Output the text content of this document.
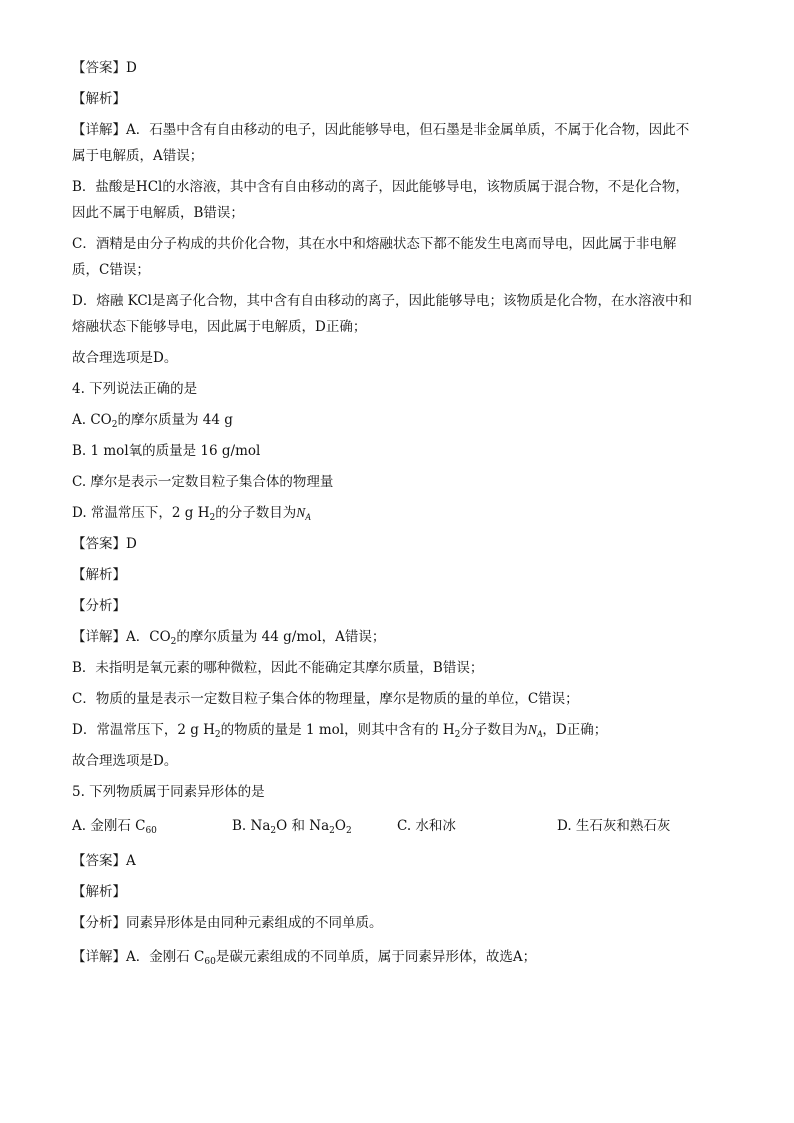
【答案】D
【解析】
【详解】A．石墨中含有自由移动的电子，因此能够导电，但石墨是非金属单质，不属于化合物，因此不
属于电解质，A错误；
B．盐酸是HCl的水溶液，其中含有自由移动的离子，因此能够导电，该物质属于混合物，不是化合物，
因此不属于电解质，B错误；
C．酒精是由分子构成的共价化合物，其在水中和熔融状态下都不能发生电离而导电，因此属于非电解
质，C错误；
D．熔融 KCl是离子化合物，其中含有自由移动的离子，因此能够导电；该物质是化合物，在水溶液中和
熔融状态下能够导电，因此属于电解质，D正确；
故合理选项是D。
4. 下列说法正确的是
A. $CO_2$的摩尔质量为 44 g
B. 1 mol氧的质量是 16 g/mol
C. 摩尔是表示一定数目粒子集合体的物理量
D. 常温常压下，2 g $H_2$的分子数目为$N_A$
【答案】D
【解析】
【分析】
【详解】A．$CO_2$的摩尔质量为 44 g/mol，A错误；
B．未指明是氧元素的哪种微粒，因此不能确定其摩尔质量，B错误；
C．物质的量是表示一定数目粒子集合体的物理量，摩尔是物质的量的单位，C错误；
D．常温常压下，2 g $H_2$的物质的量是 1 mol，则其中含有的 $H_2$分子数目为$N_A$，D正确；
故合理选项是D。
5. 下列物质属于同素异形体的是
A. 金刚石 $C_{60}$	B. $Na_2O$ 和 $Na_2O_2$	C. 水和冰	D. 生石灰和熟石灰
【答案】A
【解析】
【分析】同素异形体是由同种元素组成的不同单质。
【详解】A．金刚石 $C_{60}$是碳元素组成的不同单质，属于同素异形体，故选A；
